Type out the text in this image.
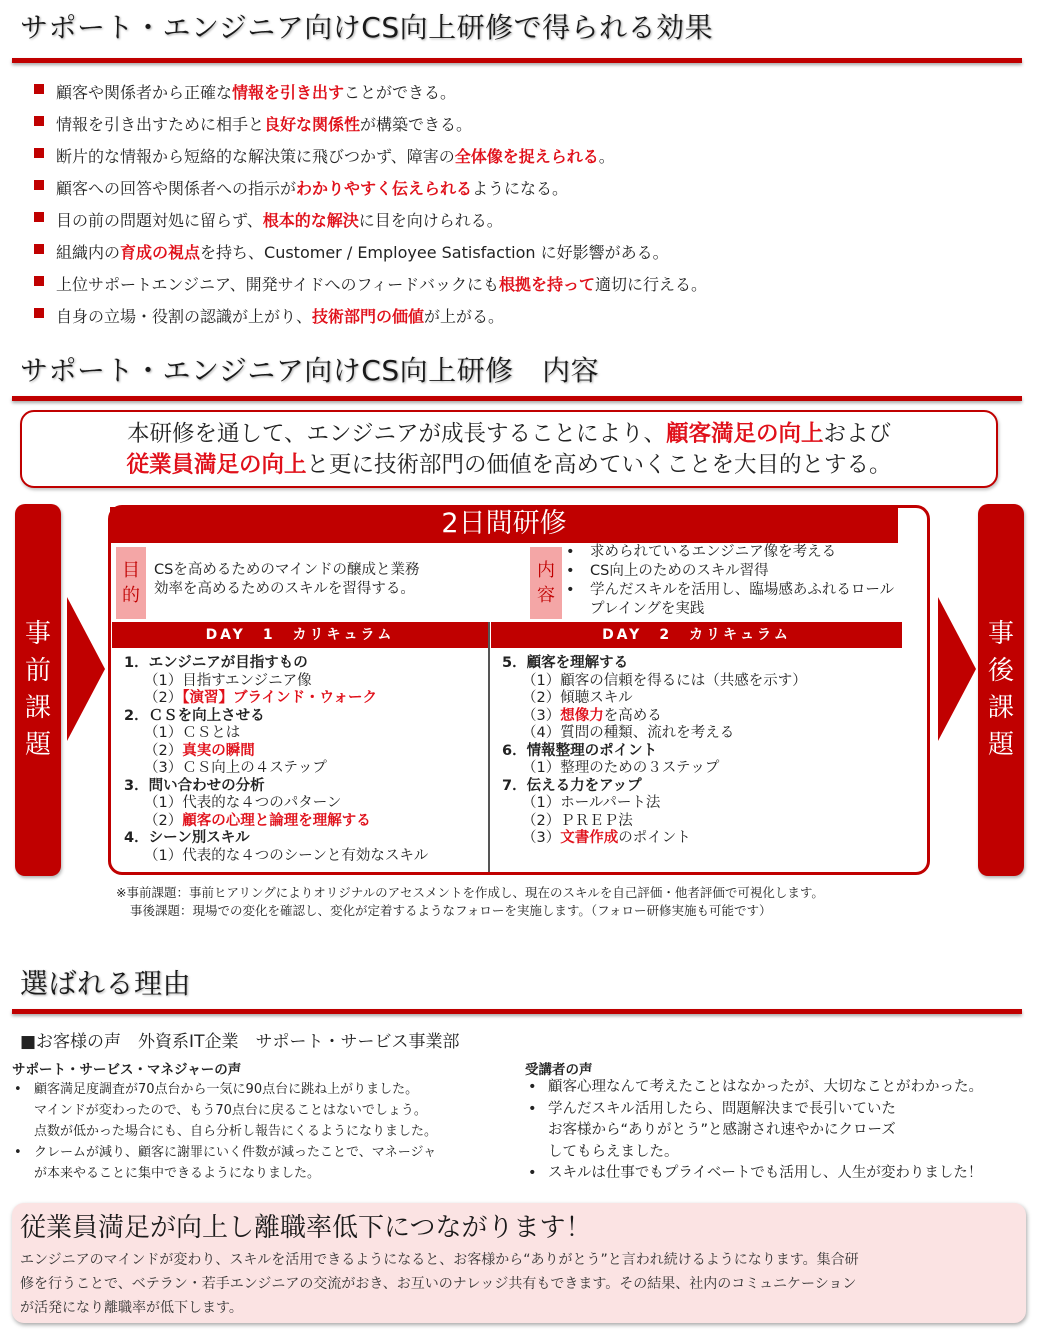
サポート・エンジニア向けCS向上研修で得られる効果
顧客や関係者から正確な情報を引き出すことができる。
情報を引き出すために相手と良好な関係性が構築できる。
断片的な情報から短絡的な解決策に飛びつかず、障害の全体像を捉えられる。
顧客への回答や関係者への指示がわかりやすく伝えられるようになる。
目の前の問題対処に留らず、根本的な解決に目を向けられる。
組織内の育成の視点を持ち、Customer / Employee Satisfaction に好影響がある。
上位サポートエンジニア、開発サイドへのフィードバックにも根拠を持って適切に行える。
自身の立場・役割の認識が上がり、技術部門の価値が上がる。
サポート・エンジニア向けCS向上研修　内容
本研修を通して、エンジニアが成長することにより、顧客満足の向上および
従業員満足の向上と更に技術部門の価値を高めていくことを大目的とする。
事
前
課
題
事
後
課
題
2日間研修
目
的
CSを高めるためのマインドの醸成と業務
効率を高めるためのスキルを習得する。
内
容
• 求められているエンジニア像を考える
• CS向上のためのスキル習得
• 学んだスキルを活用し、臨場感あふれるロール
プレイングを実践
DAY　1　カリキュラム	DAY　2　カリキュラム
1．エンジニアが目指すもの
（1）目指すエンジニア像
（2）【演習】ブラインド・ウォーク
2．ＣＳを向上させる
（1）ＣＳとは
（2）真実の瞬間
（3）ＣＳ向上の４ステップ
3．問い合わせの分析
（1）代表的な４つのパターン
（2）顧客の心理と論理を理解する
4．シーン別スキル
（1）代表的な４つのシーンと有効なスキル
5．顧客を理解する
（1）顧客の信頼を得るには（共感を示す）
（2）傾聴スキル
（3）想像力を高める
（4）質問の種類、流れを考える
6．情報整理のポイント
（1）整理のための３ステップ
7．伝える力をアップ
（1）ホールパート法
（2）ＰＲＥＰ法
（3）文書作成のポイント
※事前課題：事前ヒアリングによりオリジナルのアセスメントを作成し、現在のスキルを自己評価・他者評価で可視化します。
事後課題：現場での変化を確認し、変化が定着するようなフォローを実施します。（フォロー研修実施も可能です）
選ばれる理由
■お客様の声　外資系IT企業　サポート・サービス事業部
サポート・サービス・マネジャーの声
• 顧客満足度調査が70点台から一気に90点台に跳ね上がりました。
マインドが変わったので、もう70点台に戻ることはないでしょう。
点数が低かった場合にも、自ら分析し報告にくるようになりました。
• クレームが減り、顧客に謝罪にいく件数が減ったことで、マネージャ
が本来やることに集中できるようになりました。
受講者の声
• 顧客心理なんて考えたことはなかったが、大切なことがわかった。
• 学んだスキル活用したら、問題解決まで長引いていた
お客様から“ありがとう”と感謝され速やかにクローズ
してもらえました。
• スキルは仕事でもプライベートでも活用し、人生が変わりました！
従業員満足が向上し離職率低下につながります！
エンジニアのマインドが変わり、スキルを活用できるようになると、お客様から“ありがとう”と言われ続けるようになります。集合研
修を行うことで、ベテラン・若手エンジニアの交流がおき、お互いのナレッジ共有もできます。その結果、社内のコミュニケーション
が活発になり離職率が低下します。
